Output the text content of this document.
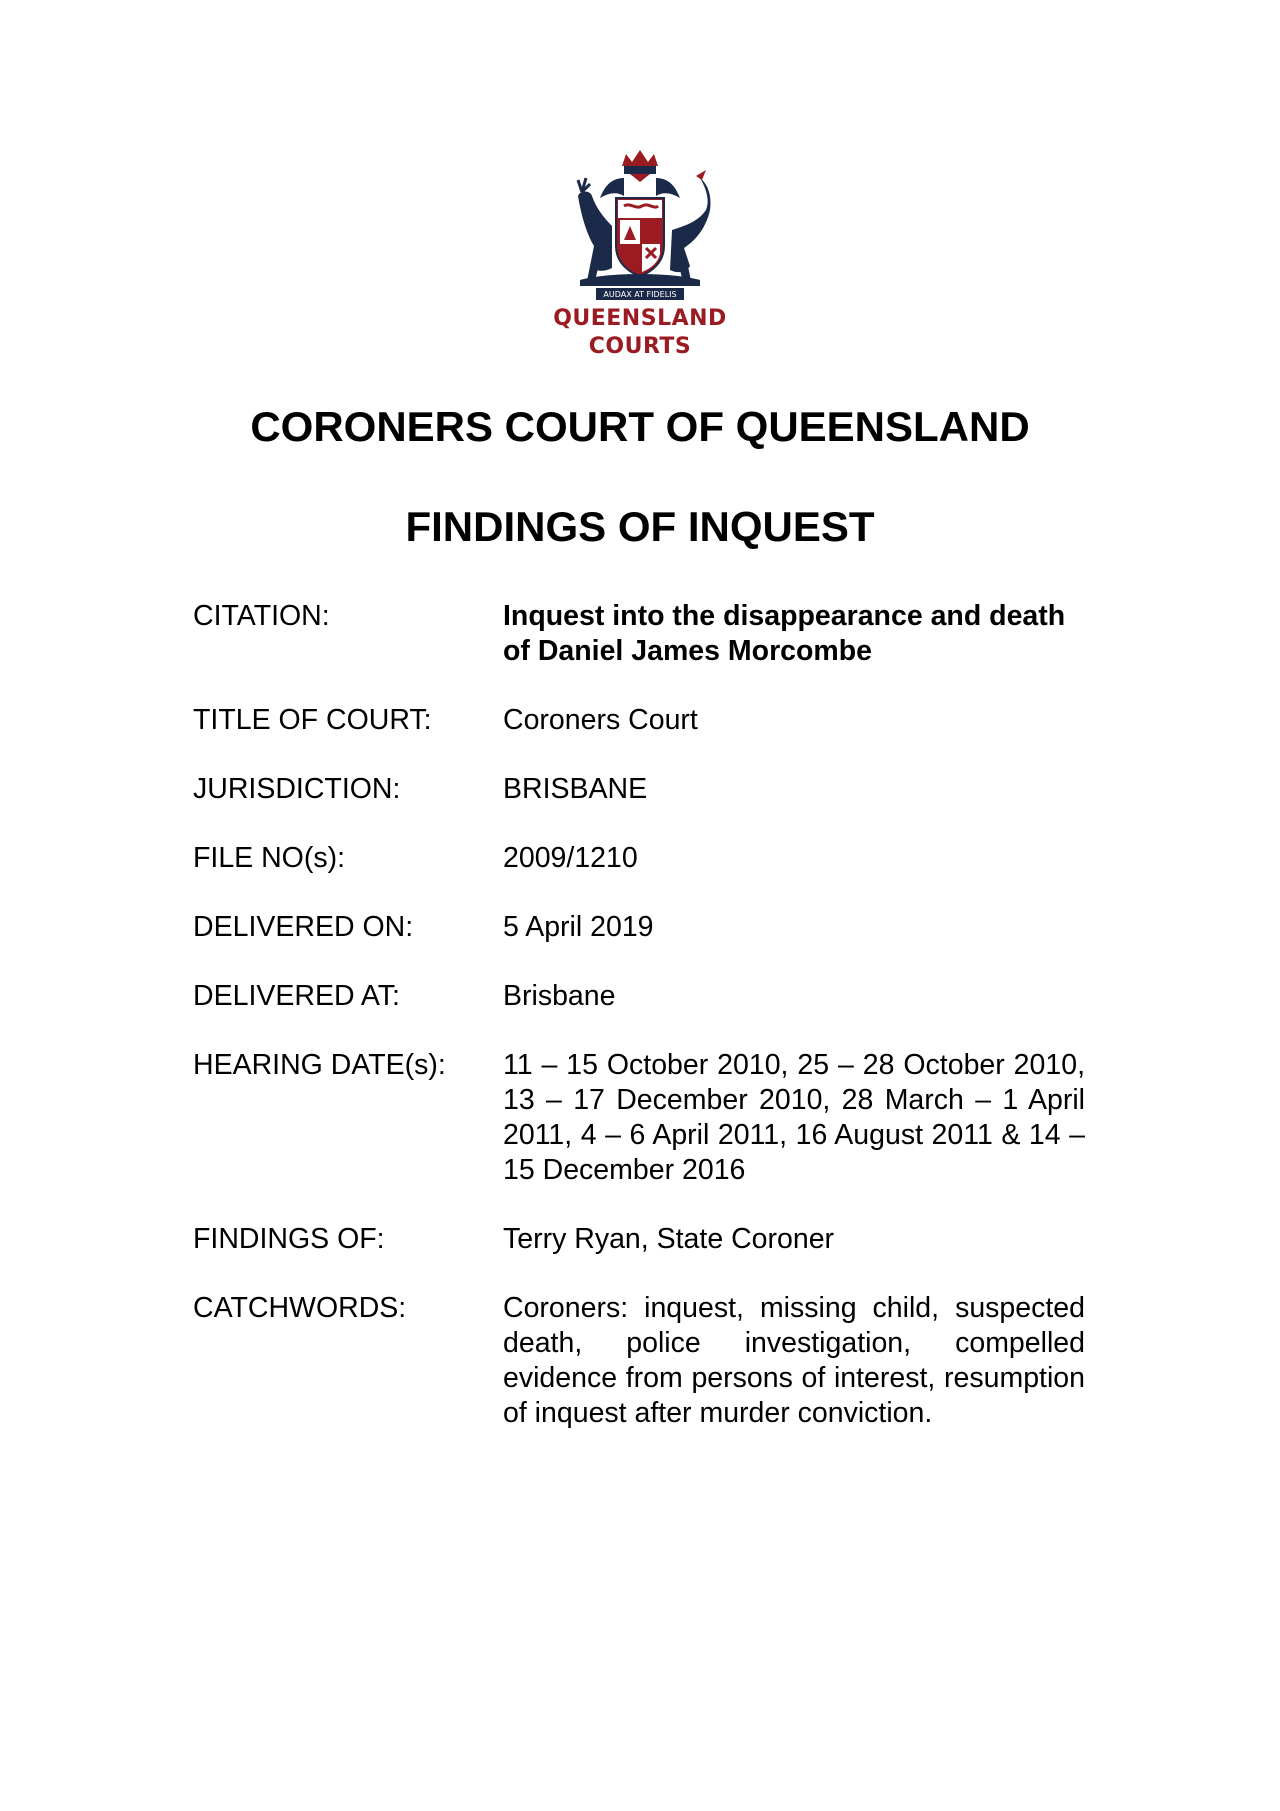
AUDAX AT FIDELIS
QUEENSLAND
COURTS
CORONERS COURT OF QUEENSLAND
FINDINGS OF INQUEST
CITATION:	Inquest into the disappearance and death of Daniel James Morcombe
TITLE OF COURT:	Coroners Court
JURISDICTION:	BRISBANE
FILE NO(s):	2009/1210
DELIVERED ON:	5 April 2019
DELIVERED AT:	Brisbane
HEARING DATE(s):	11 – 15 October 2010, 25 – 28 October 2010, 13 – 17 December 2010, 28 March – 1 April 2011, 4 – 6 April 2011, 16 August 2011 & 14 – 15 December 2016
FINDINGS OF:	Terry Ryan, State Coroner
CATCHWORDS:	Coroners: inquest, missing child, suspected death, police investigation, compelled evidence from persons of interest, resumption of inquest after murder conviction.
